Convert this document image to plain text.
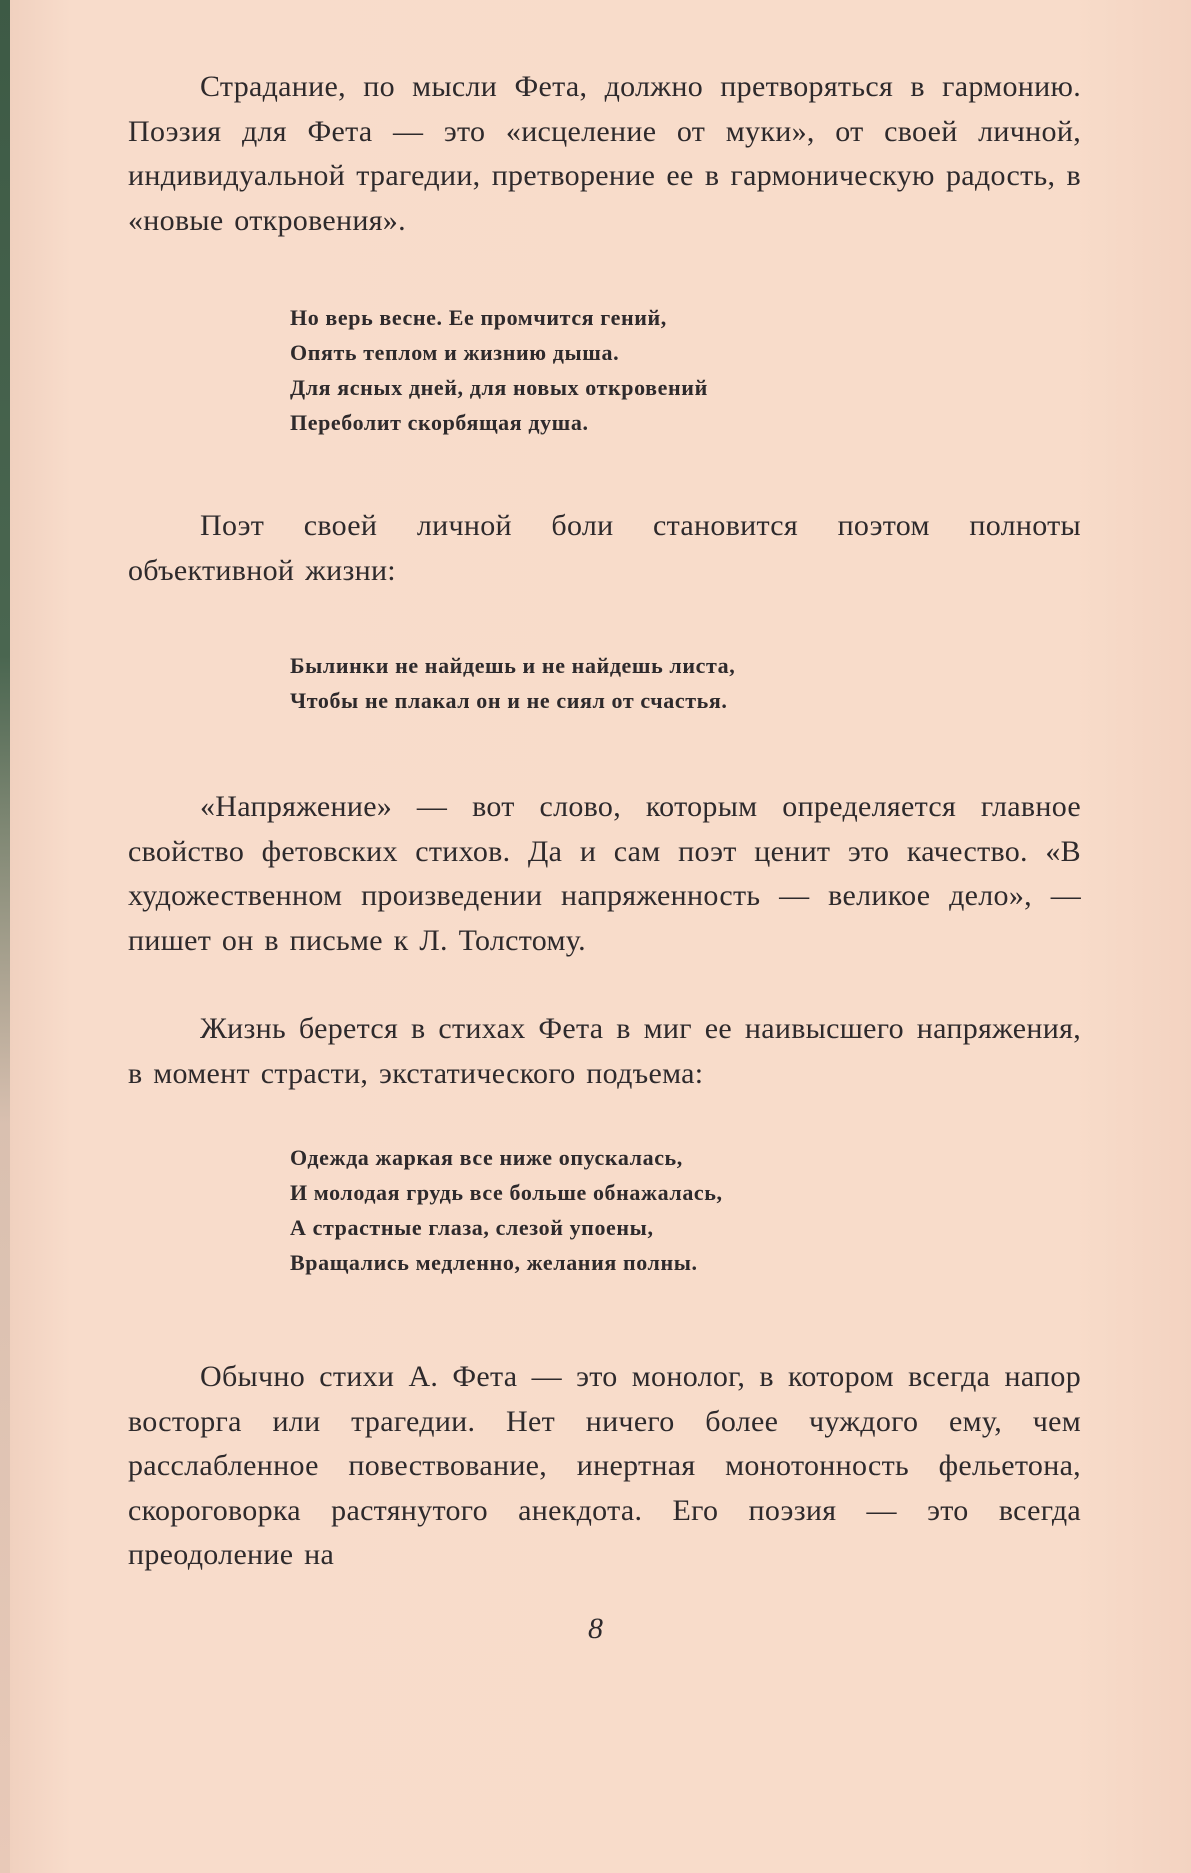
Страдание, по мысли Фета, должно претворяться в гармонию. Поэзия для Фета — это «исцеление от муки», от своей личной, индивидуальной трагедии, претворение ее в гармоническую радость, в «новые откровения».

Но верь весне. Ее промчится гений,
Опять теплом и жизнию дыша.
Для ясных дней, для новых откровений
Переболит скорбящая душа.

Поэт своей личной боли становится поэтом полноты объективной жизни:

Былинки не найдешь и не найдешь листа,
Чтобы не плакал он и не сиял от счастья.

«Напряжение» — вот слово, которым определяется главное свойство фетовских стихов. Да и сам поэт ценит это качество. «В художественном произведении напряженность — великое дело», — пишет он в письме к Л. Толстому.

Жизнь берется в стихах Фета в миг ее наивысшего напряжения, в момент страсти, экстатического подъема:

Одежда жаркая все ниже опускалась,
И молодая грудь все больше обнажалась,
А страстные глаза, слезой упоены,
Вращались медленно, желания полны.

Обычно стихи А. Фета — это монолог, в котором всегда напор восторга или трагедии. Нет ничего более чуждого ему, чем расслабленное повествование, инертная монотонность фельетона, скороговорка растянутого анекдота. Его поэзия — это всегда преодоление на

8
